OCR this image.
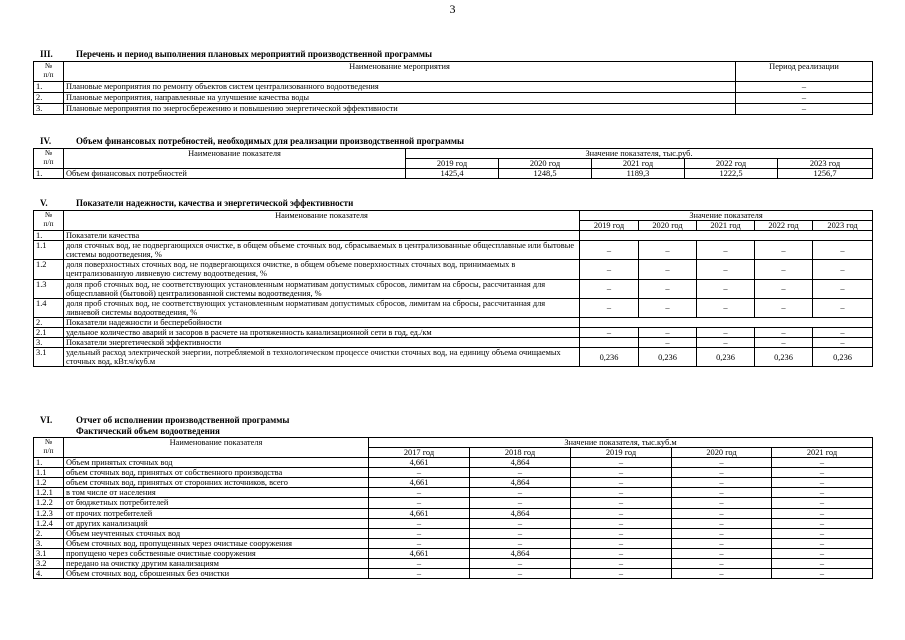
3
III.	Перечень и период выполнения плановых мероприятий производственной программы
№
п/п	Наименование мероприятия	Период реализации
1.	Плановые мероприятия по ремонту объектов систем централизованного водоотведения	–
2.	Плановые мероприятия, направленные на улучшение качества воды	–
3.	Плановые мероприятия по энергосбережению и повышению энергетической эффективности	–
IV.	Объем финансовых потребностей, необходимых для реализации производственной программы
№
п/п	Наименование показателя	Значение показателя, тыс.руб.				
		2019 год	2020 год	2021 год	2022 год	2023 год
1.	Объем финансовых потребностей	1425,4	1248,5	1189,3	1222,5	1256,7
V.	Показатели надежности, качества и энергетической эффективности
№
п/п	Наименование показателя	Значение показателя				
		2019 год	2020 год	2021 год	2022 год	2023 год
1.	Показатели качества					
1.1	доля сточных вод, не подвергающихся очистке, в общем объеме сточных вод, сбрасываемых в централизованные общесплавные или бытовые системы водоотведения, %	–	–	–	–	–
1.2	доля поверхностных сточных вод, не подвергающихся очистке, в общем объеме поверхностных сточных вод, принимаемых в централизованную ливневую систему водоотведения, %	–	–	–	–	–
1.3	доля проб сточных вод, не соответствующих установленным нормативам допустимых сбросов, лимитам на сбросы, рассчитанная для общесплавной (бытовой) централизованной системы водоотведения, %	–	–	–	–	–
1.4	доля проб сточных вод, не соответствующих установленным нормативам допустимых сбросов, лимитам на сбросы, рассчитанная для ливневой системы водоотведения, %	–	–	–	–	–
2.	Показатели надежности и бесперебойности					
2.1	удельное количество аварий и засоров в расчете на протяженность канализационной сети в год, ед./км	–	–	–	–	–
3.	Показатели энергетической эффективности		–	–	–	–
3.1	удельный расход электрической энергии, потребляемой в технологическом процессе очистки сточных вод, на единицу объема очищаемых сточных вод, кВт.ч/куб.м	0,236	0,236	0,236	0,236	0,236
VI.	Отчет об исполнении производственной программы
Фактический объем водоотведения
№
п/п	Наименование показателя	Значение показателя, тыс.куб.м				
		2017 год	2018 год	2019 год	2020 год	2021 год
1.	Объем принятых сточных вод	4,661	4,864	–	–	–
1.1	объем сточных вод, принятых от собственного производства	–	–	–	–	–
1.2	объем сточных вод, принятых от сторонних источников, всего	4,661	4,864	–	–	–
1.2.1	в том числе от населения	–	–	–	–	–
1.2.2	от бюджетных потребителей	–	–	–	–	–
1.2.3	от прочих потребителей	4,661	4,864	–	–	–
1.2.4	от других канализаций	–	–	–	–	–
2.	Объем неучтенных сточных вод	–	–	–	–	–
3.	Объем сточных вод, пропущенных через очистные сооружения	–	–	–	–	–
3.1	пропущено через собственные очистные сооружения	4,661	4,864	–	–	–
3.2	передано на очистку другим канализациям	–	–	–	–	–
4.	Объем сточных вод, сброшенных без очистки	–	–	–	–	–
